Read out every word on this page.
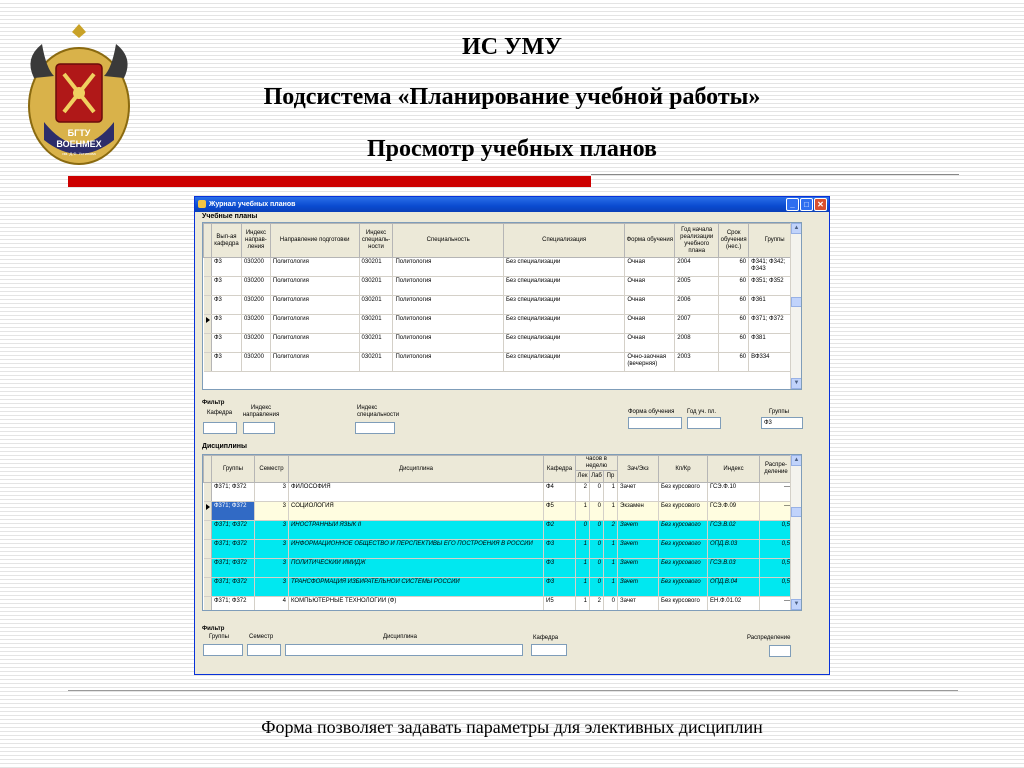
БГТУ
ВОЕНМЕХ
им. Д.Ф. Устинова
ИС УМУ
Подсистема «Планирование учебной работы»
Просмотр учебных планов
Журнал учебных планов	_	□	✕
Учебные планы
	Вып-ая кафедра	Индекс направ-ления	Направление подготовки	Индекс специаль-ности	Специальность	Специализация	Форма обучения	Год начала реализации учебного плана	Срок обучения (нес.)	Группы
	Ф3	030200	Политология	030201	Политология	Без специализации	Очная	2004	60	Ф341; Ф342; Ф343
	Ф3	030200	Политология	030201	Политология	Без специализации	Очная	2005	60	Ф351; Ф352
	Ф3	030200	Политология	030201	Политология	Без специализации	Очная	2006	60	Ф361
	Ф3	030200	Политология	030201	Политология	Без специализации	Очная	2007	60	Ф371; Ф372
	Ф3	030200	Политология	030201	Политология	Без специализации	Очная	2008	60	Ф381
	Ф3	030200	Политология	030201	Политология	Без специализации	Очно-заочная (вечерняя)	2003	60	ВФ334
▲
▼
Фильтр
Кафедра
Индекс направления
Индекс специальности	Форма обучения Год уч. пл.	Группы
Ф3
Дисциплины
	Группы	Семестр	Дисциплина	Кафедра	часов в неделю			Зач/Экз	Кп/Кр	Индекс	Распре-деление
					Лек	Лаб	Пр				
	Ф371; Ф372	3	ФИЛОСОФИЯ	Ф4	2	0	1	Зачет	Без курсового	ГСЭ.Ф.10	—
	Ф371; Ф372	3	СОЦИОЛОГИЯ	Ф5	1	0	1	Экзамен	Без курсового	ГСЭ.Ф.09	—
	Ф371; Ф372	3	ИНОСТРАННЫЙ ЯЗЫК II	Ф2	0	0	2	Зачет	Без курсового	ГСЭ.В.02	0,5
	Ф371; Ф372	3	ИНФОРМАЦИОННОЕ ОБЩЕСТВО И ПЕРСПЕКТИВЫ ЕГО ПОСТРОЕНИЯ В РОССИИ	Ф3	1	0	1	Зачет	Без курсового	ОПД.В.03	0,5
	Ф371; Ф372	3	ПОЛИТИЧЕСКИЙ ИМИДЖ	Ф3	1	0	1	Зачет	Без курсового	ГСЭ.В.03	0,5
	Ф371; Ф372	3	ТРАНСФОРМАЦИЯ ИЗБИРАТЕЛЬНОЙ СИСТЕМЫ РОССИИ	Ф3	1	0	1	Зачет	Без курсового	ОПД.В.04	0,5
	Ф371; Ф372	4	КОМПЬЮТЕРНЫЕ ТЕХНОЛОГИИ (Ф)	И5	1	2	0	Зачет	Без курсового	ЕН.Ф.01.02	—
▲
▼
Фильтр
Группы	Семестр	Дисциплина	Кафедра	Распределение
Форма позволяет задавать параметры для элективных дисциплин
